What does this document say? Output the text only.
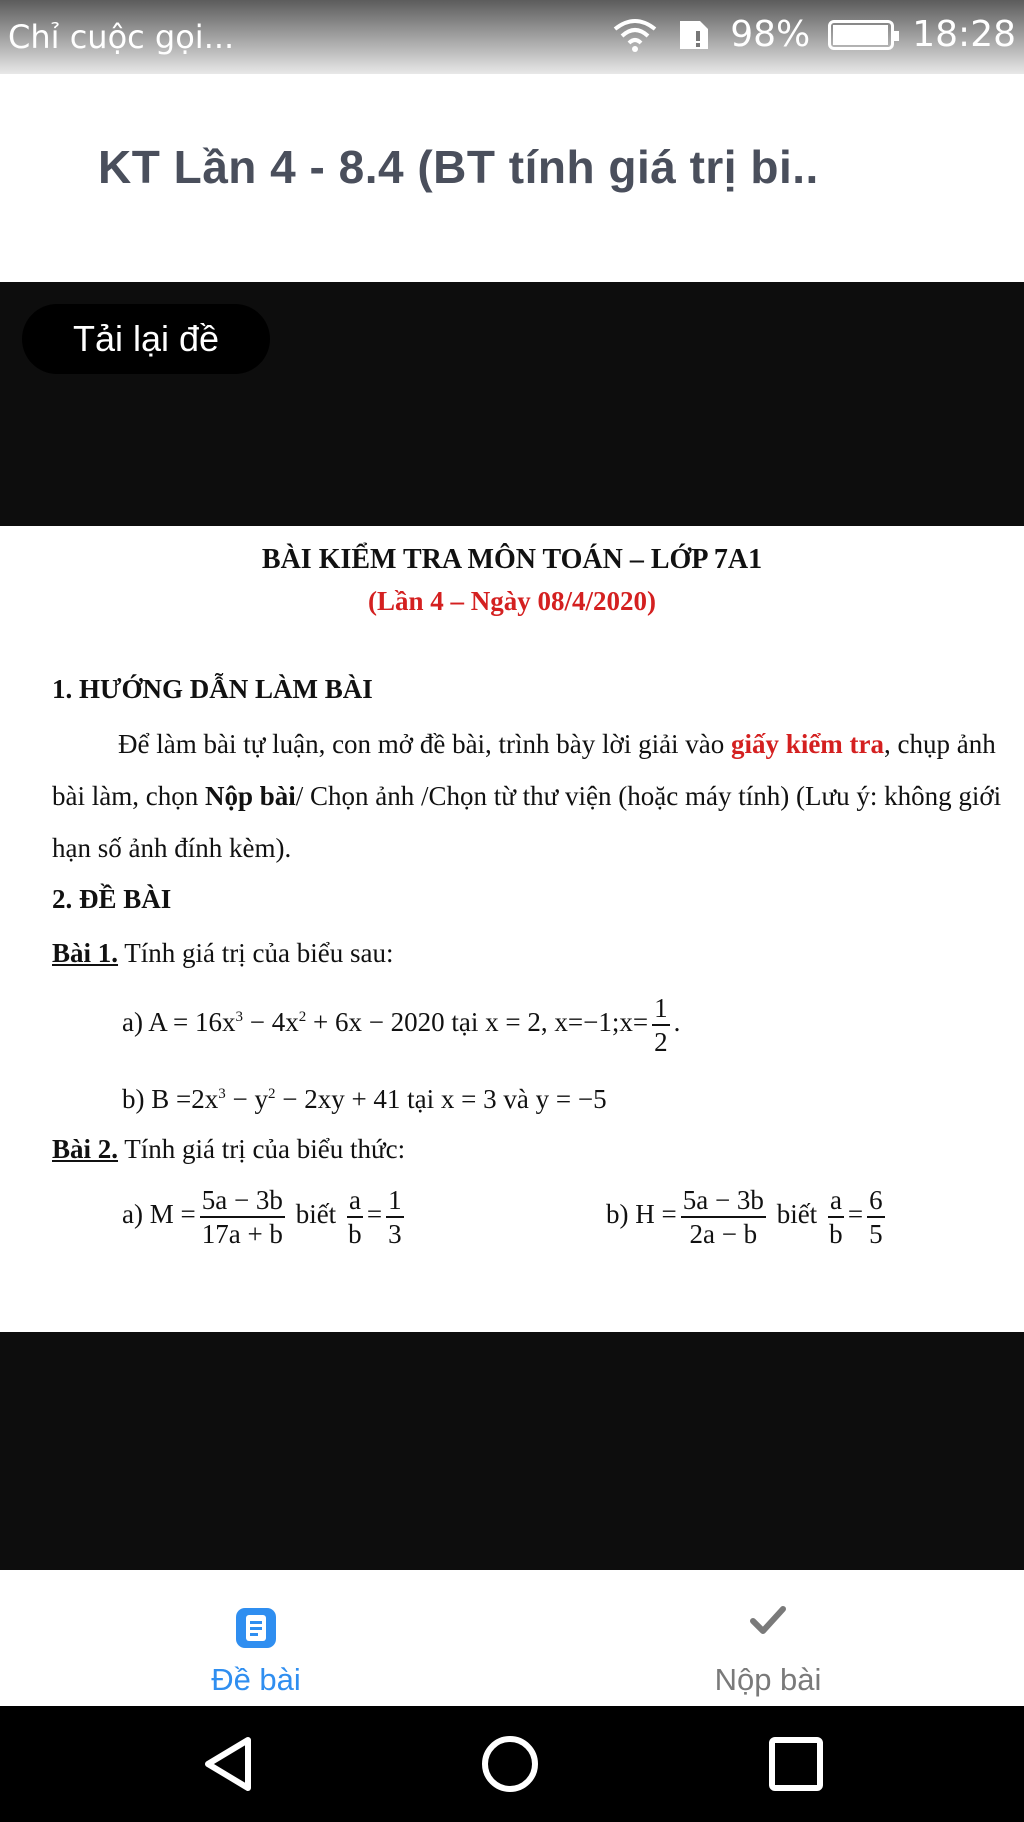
Chỉ cuộc gọi...	98%	18:28
KT Lần 4 - 8.4 (BT tính giá trị bi..
Tải lại đề
BÀI KIỂM TRA MÔN TOÁN – LỚP 7A1
(Lần 4 – Ngày 08/4/2020)
1. HƯỚNG DẪN LÀM BÀI
Để làm bài tự luận, con mở đề bài, trình bày lời giải vào giấy kiểm tra, chụp ảnh bài làm, chọn Nộp bài/ Chọn ảnh /Chọn từ thư viện (hoặc máy tính) (Lưu ý: không giới hạn số ảnh đính kèm).
2. ĐỀ BÀI
Bài 1. Tính giá trị của biểu sau:
a) $A = 16x^3 - 4x^2 + 6x - 2020$ tại x = 2, x=−1;x= $\frac{1}{2}$ .
b) $B =2x^3 - y^2 - 2xy + 41$ tại x = 3 và y = −5
Bài 2. Tính giá trị của biểu thức:
a) $M = \frac{5a - 3b}{17a + b}$ biết $\frac{a}{b} = \frac{1}{3}$	b) $H = \frac{5a - 3b}{2a - b}$ biết $\frac{a}{b} = \frac{6}{5}$
Đề bài	Nộp bài
